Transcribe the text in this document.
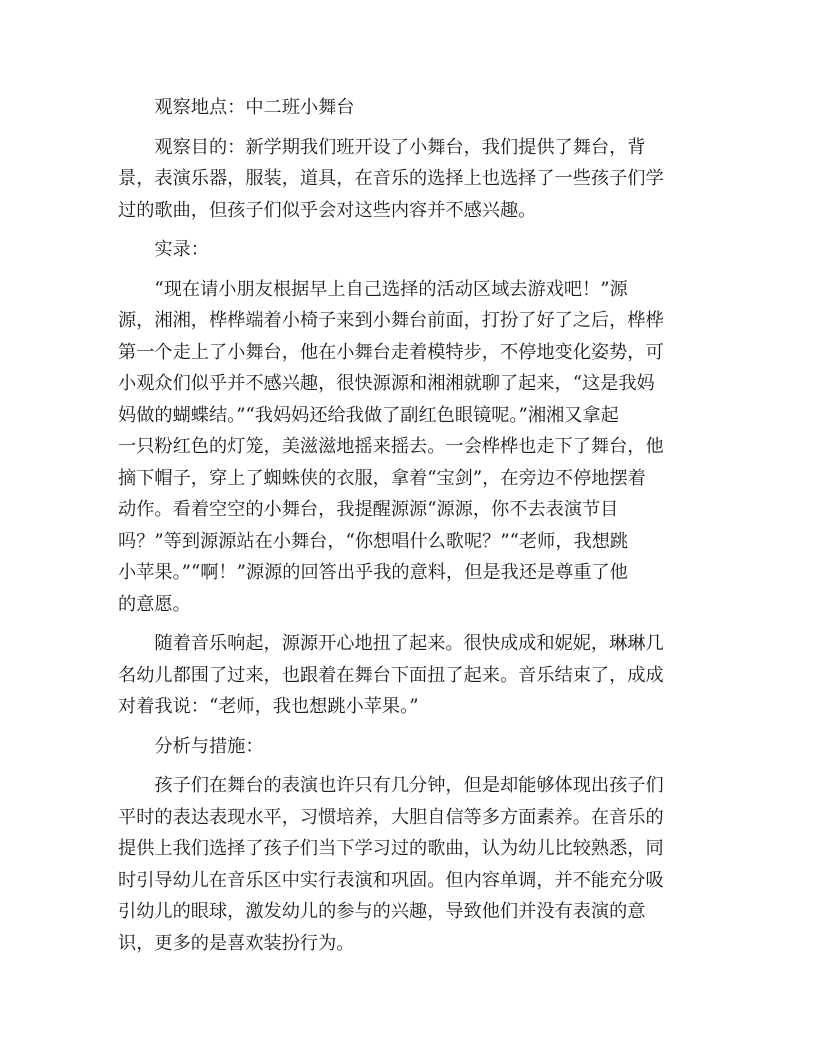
观察地点：中二班小舞台

观察目的：新学期我们班开设了小舞台，我们提供了舞台，背
景，表演乐器，服装，道具，在音乐的选择上也选择了一些孩子们学
过的歌曲，但孩子们似乎会对这些内容并不感兴趣。

实录：

“现在请小朋友根据早上自己选择的活动区域去游戏吧！”源
源，湘湘，桦桦端着小椅子来到小舞台前面，打扮了好了之后，桦桦
第一个走上了小舞台，他在小舞台走着模特步，不停地变化姿势，可
小观众们似乎并不感兴趣，很快源源和湘湘就聊了起来，“这是我妈
妈做的蝴蝶结。”“我妈妈还给我做了副红色眼镜呢。”湘湘又拿起
一只粉红色的灯笼，美滋滋地摇来摇去。一会桦桦也走下了舞台，他
摘下帽子，穿上了蜘蛛侠的衣服，拿着“宝剑”，在旁边不停地摆着
动作。看着空空的小舞台，我提醒源源“源源，你不去表演节目
吗？”等到源源站在小舞台，“你想唱什么歌呢？”“老师，我想跳
小苹果。”“啊！”源源的回答出乎我的意料，但是我还是尊重了他
的意愿。

随着音乐响起，源源开心地扭了起来。很快成成和妮妮，琳琳几
名幼儿都围了过来，也跟着在舞台下面扭了起来。音乐结束了，成成
对着我说：“老师，我也想跳小苹果。”

分析与措施：

孩子们在舞台的表演也许只有几分钟，但是却能够体现出孩子们
平时的表达表现水平，习惯培养，大胆自信等多方面素养。在音乐的
提供上我们选择了孩子们当下学习过的歌曲，认为幼儿比较熟悉，同
时引导幼儿在音乐区中实行表演和巩固。但内容单调，并不能充分吸
引幼儿的眼球，激发幼儿的参与的兴趣，导致他们并没有表演的意
识，更多的是喜欢装扮行为。
